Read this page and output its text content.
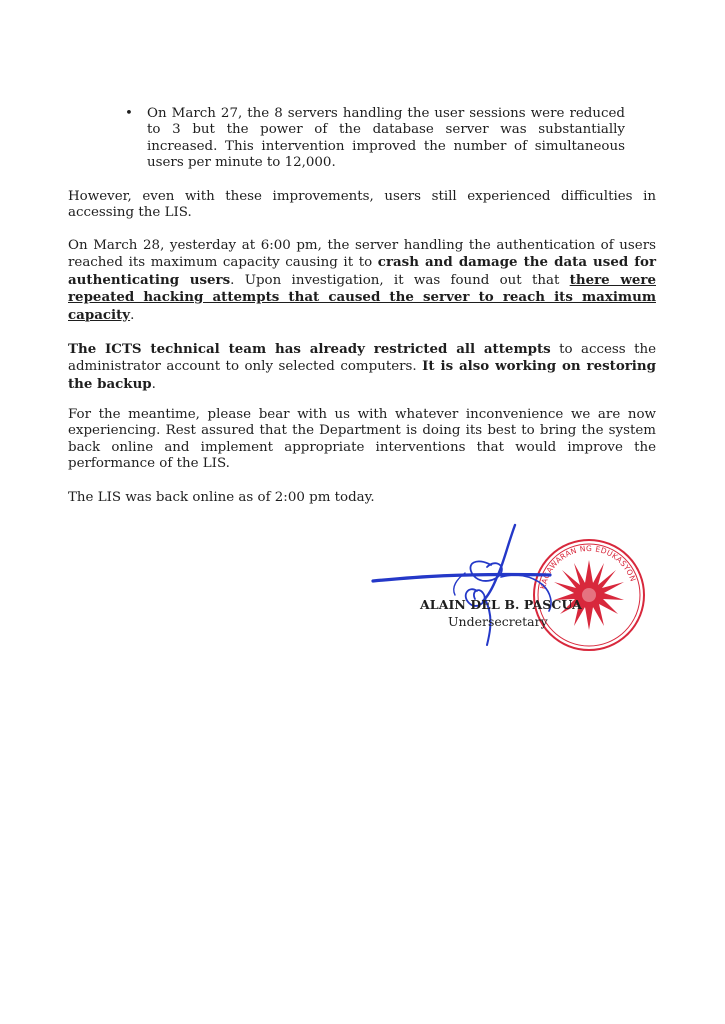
• On March 27, the 8 servers handling the user sessions were reduced to 3 but the power of the database server was substantially increased. This intervention improved the number of simultaneous users per minute to 12,000.

However, even with these improvements, users still experienced difficulties in accessing the LIS.

On March 28, yesterday at 6:00 pm, the server handling the authentication of users reached its maximum capacity causing it to crash and damage the data used for authenticating users. Upon investigation, it was found out that there were repeated hacking attempts that caused the server to reach its maximum capacity.

The ICTS technical team has already restricted all attempts to access the administrator account to only selected computers. It is also working on restoring the backup.

For the meantime, please bear with us with whatever inconvenience we are now experiencing. Rest assured that the Department is doing its best to bring the system back online and implement appropriate interventions that would improve the performance of the LIS.

The LIS was back online as of 2:00 pm today.

KAGAWARAN NG EDUKASYON
ALAIN DEL B. PASCUA
Undersecretary
